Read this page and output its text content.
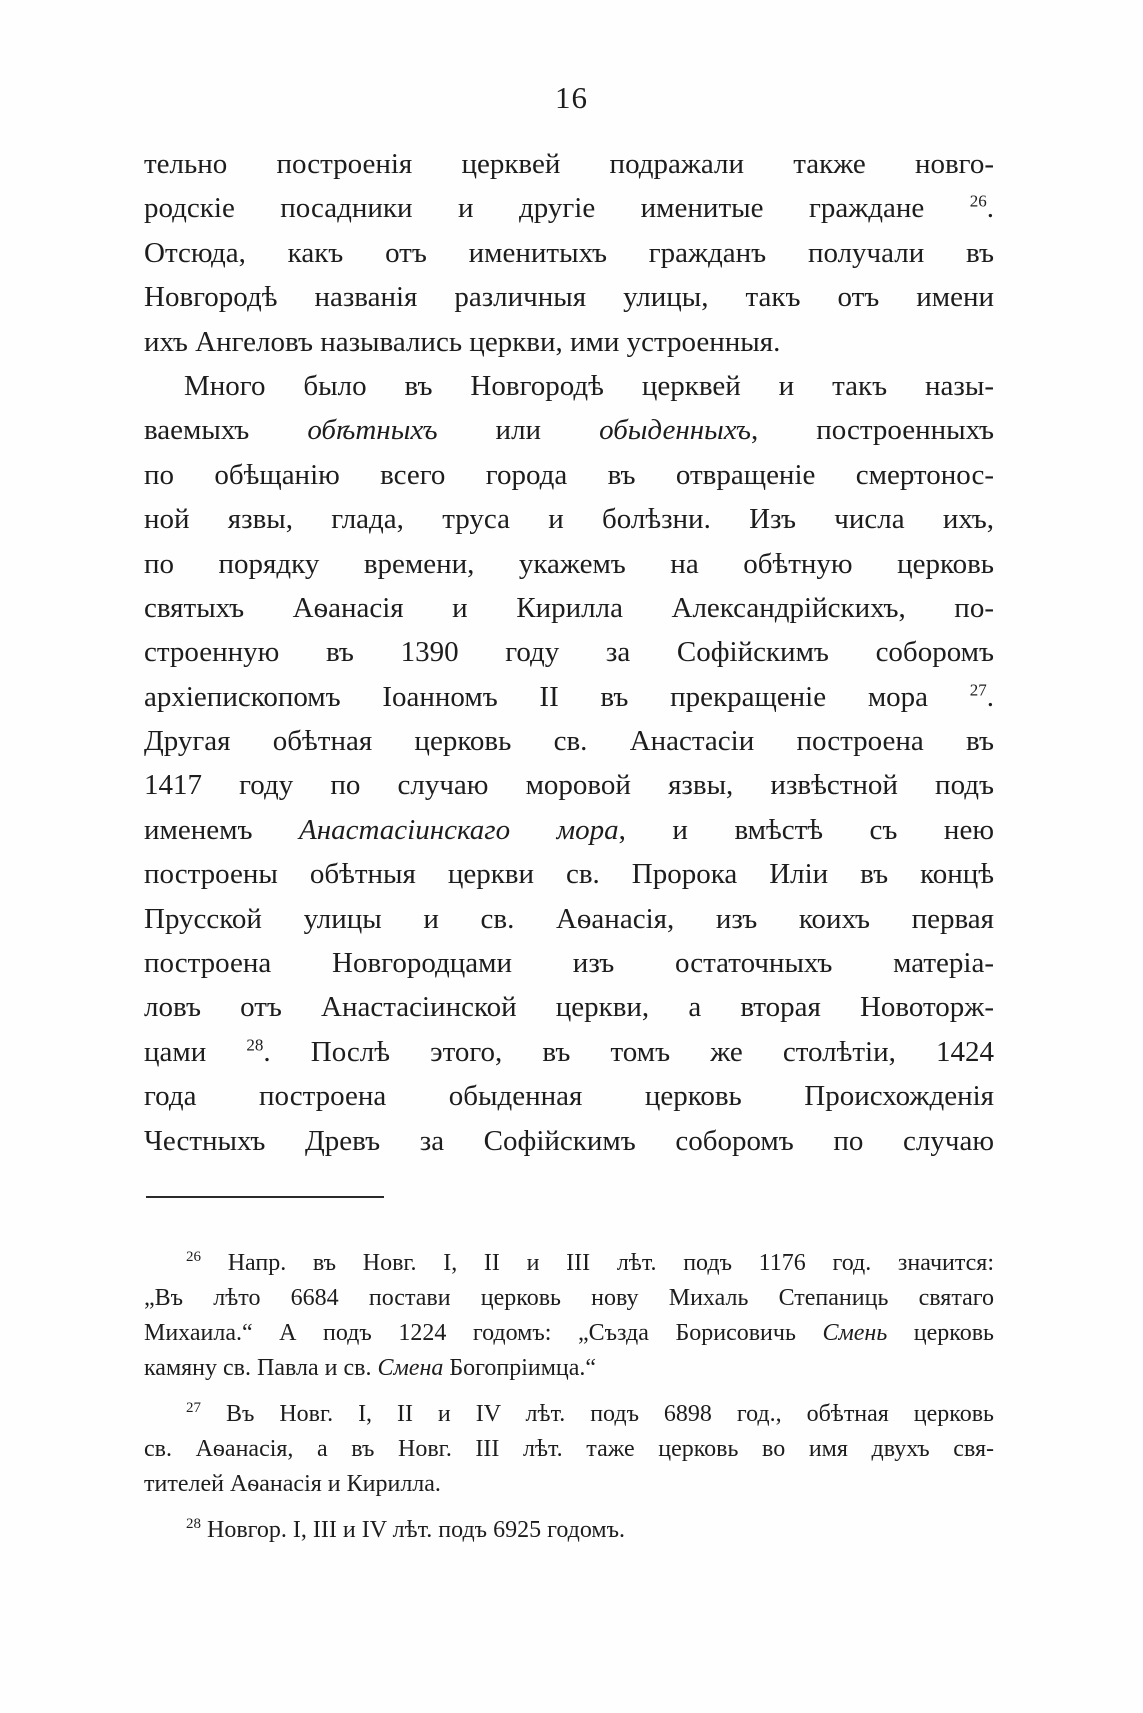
16
тельно построенія церквей подражали также новго-
родскіе посадники и другіе именитые граждане $^{26}$.
Отсюда, какъ отъ именитыхъ гражданъ получали въ
Новгородѣ названія различныя улицы, такъ отъ имени
ихъ Ангеловъ назывались церкви, ими устроенныя.
Много было въ Новгородѣ церквей и такъ назы-
ваемыхъ обѣтныхъ или обыденныхъ, построенныхъ
по обѣщанію всего города въ отвращеніе смертонос-
ной язвы, глада, труса и болѣзни. Изъ числа ихъ,
по порядку времени, укажемъ на обѣтную церковь
святыхъ Аѳанасія и Кирилла Александрійскихъ, по-
строенную въ 1390 году за Софійскимъ соборомъ
архіепископомъ Іоанномъ II въ прекращеніе мора $^{27}$.
Другая обѣтная церковь св. Анастасіи построена въ
1417 году по случаю моровой язвы, извѣстной подъ
именемъ Анастасіинскаго мора, и вмѣстѣ съ нею
построены обѣтныя церкви св. Пророка Иліи въ концѣ
Прусской улицы и св. Аѳанасія, изъ коихъ первая
построена Новгородцами изъ остаточныхъ матеріа-
ловъ отъ Анастасіинской церкви, а вторая Новоторж-
цами $^{28}$. Послѣ этого, въ томъ же столѣтіи, 1424
года построена обыденная церковь Происхожденія
Честныхъ Древъ за Софійскимъ соборомъ по случаю
$^{26}$ Напр. въ Новг. I, II и III лѣт. подъ 1176 год. значится:
„Въ лѣто 6684 постави церковь нову Михаль Степаниць святаго
Михаила.“ А подъ 1224 годомъ: „Създа Борисовичь Смень церковь
камяну св. Павла и св. Смена Богопріимца.“
$^{27}$ Въ Новг. I, II и IV лѣт. подъ 6898 год., обѣтная церковь
св. Аѳанасія, а въ Новг. III лѣт. таже церковь во имя двухъ свя-
тителей Аѳанасія и Кирилла.
$^{28}$ Новгор. I, III и IV лѣт. подъ 6925 годомъ.
